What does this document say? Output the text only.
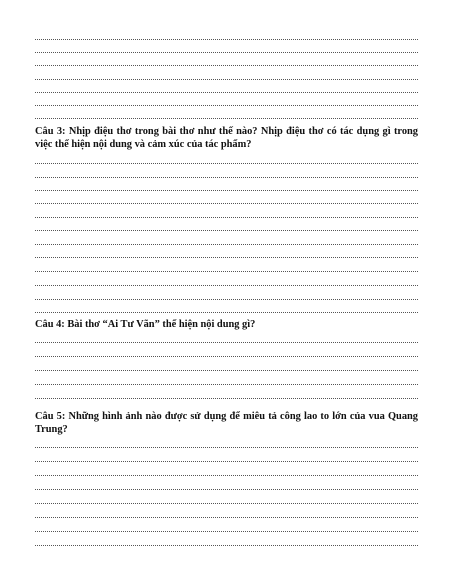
Câu 3: Nhịp điệu thơ trong bài thơ như thế nào? Nhịp điệu thơ có tác dụng gì trong việc thể hiện nội dung và cảm xúc của tác phẩm?
Câu 4: Bài thơ “Ai Tư Vãn” thể hiện nội dung gì?
Câu 5: Những hình ảnh nào được sử dụng để miêu tả công lao to lớn của vua Quang Trung?
